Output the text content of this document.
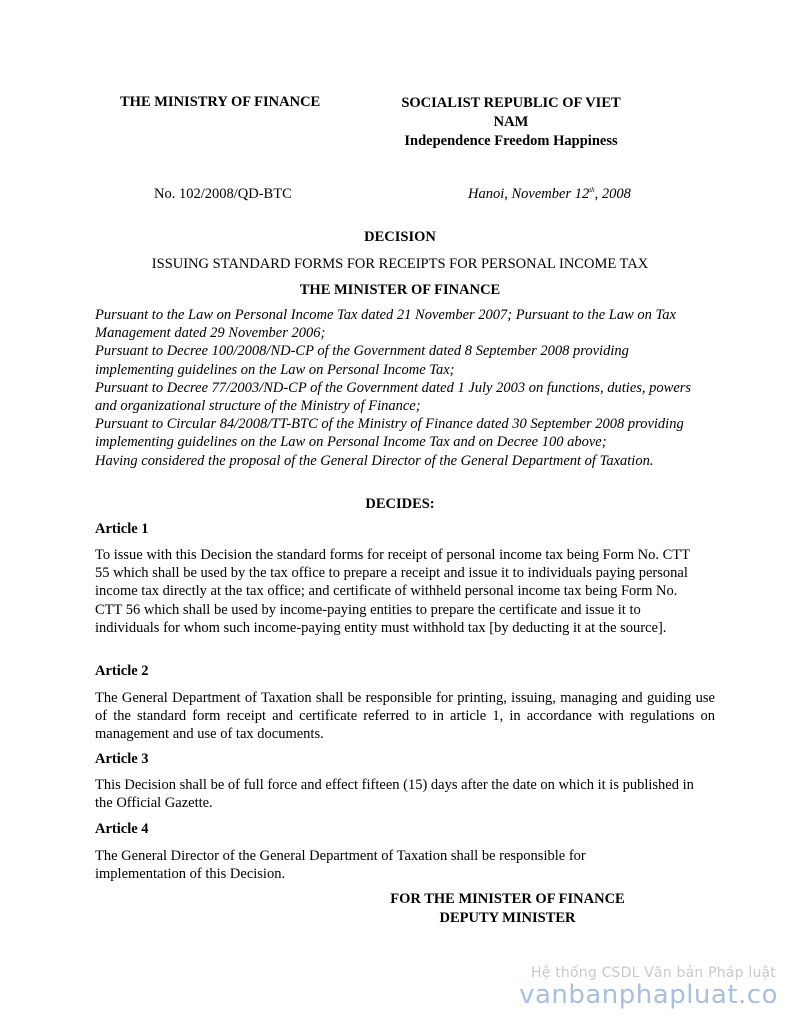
THE MINISTRY OF FINANCE	SOCIALIST REPUBLIC OF VIET
NAM
Independence Freedom Happiness
No. 102/2008/QD-BTC	Hanoi, November 12th, 2008
DECISION
ISSUING STANDARD FORMS FOR RECEIPTS FOR PERSONAL INCOME TAX
THE MINISTER OF FINANCE

Pursuant to the Law on Personal Income Tax dated 21 November 2007; Pursuant to the Law on Tax Management dated 29 November 2006;

Pursuant to Decree 100/2008/ND-CP of the Government dated 8 September 2008 providing implementing guidelines on the Law on Personal Income Tax;

Pursuant to Decree 77/2003/ND-CP of the Government dated 1 July 2003 on functions, duties, powers and organizational structure of the Ministry of Finance;

Pursuant to Circular 84/2008/TT-BTC of the Ministry of Finance dated 30 September 2008 providing implementing guidelines on the Law on Personal Income Tax and on Decree 100 above;

Having considered the proposal of the General Director of the General Department of Taxation.

DECIDES:
Article 1
To issue with this Decision the standard forms for receipt of personal income tax being Form No. CTT 55 which shall be used by the tax office to prepare a receipt and issue it to individuals paying personal income tax directly at the tax office; and certificate of withheld personal income tax being Form No. CTT 56 which shall be used by income-paying entities to prepare the certificate and issue it to individuals for whom such income-paying entity must withhold tax [by deducting it at the source].
Article 2
The General Department of Taxation shall be responsible for printing, issuing, managing and guiding use of the standard form receipt and certificate referred to in article 1, in accordance with regulations on management and use of tax documents.
Article 3
This Decision shall be of full force and effect fifteen (15) days after the date on which it is published in the Official Gazette.
Article 4
The General Director of the General Department of Taxation shall be responsible for implementation of this Decision.
FOR THE MINISTER OF FINANCE
DEPUTY MINISTER
Hệ thống CSDL Văn bản Pháp luật
vanbanphapluat.co
